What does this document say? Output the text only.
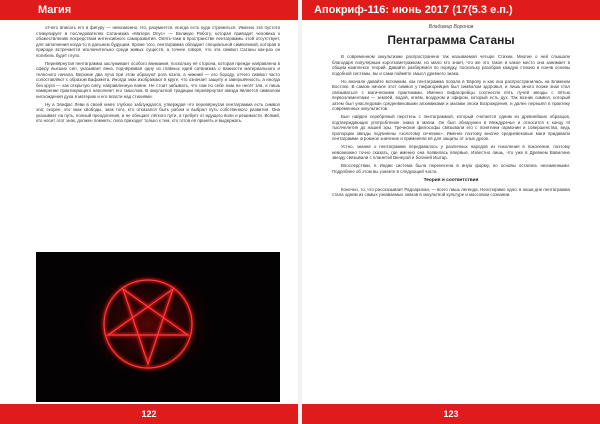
Магия	Апокриф-116: июнь 2017 (17(5.3 е.п.)

отчего вписать его в фигуру — невозможно. Но, разумеется, всегда есть куда стремиться. Именно эта пустота стимулирует в последователях Сатанизма «Матери Опус» — Великую Работу, которая приводит человека к обожествлению посредством интенсивного саморазвития. Опять-таки в пространстве пентаграммы этой отсутствует, для заполнения когда-то в дальнем будущем. Кроме того, пентаграмма обладает специальной символикой, которая в природе встречается исключительно среди живых существ, а точнее говоря, что эта символ Сатаны как-раз он погибель будет глупо.

Перевёрнутая пентаграмма заслуживает особого внимания, поскольку её сторона, которая прежде направлена в сферу высших сил, указывает вниз, подчёркивая одну из главных идей сатанизма о важности материального и телесного начала. Верхние два луча при этом образуют рога козла, а нижний — его бороду, отчего символ часто сопоставляют с образом Бафомета. Иногда знак изображают в круге, что означает защиту и завершённость, а иногда без круга — как открытую силу, направленную вовне. Не стоит забывать, что сам по себе знак не несёт зла, и лишь намерение практикующего наполняет его смыслом. В оккультной традиции перевёрнутая звезда является символом нисхождения духа в материю и его власти над стихиями.

Ну а Элифас Леви в своей книге глубоко заблуждался, утверждая что перевёрнутая пентаграмма есть символ зла; скорее, это знак свободы, знак того, кто отказался быть рабом и выбрал путь собственного развития. Она указывает на путь, полный преодоления, и не обещает лёгкого пути, а требует от идущего воли и решимости. Всякий, кто носит этот знак, должен помнить: сила приходит только к тем, кто готов её принять и выдержать.

Владимир Воронов
Пентаграмма Сатаны

В современном оккультизме распространена так называемая четыре Стихии. Многие о ней слышали благодаря популярным короткометражкам, но мало кто знает, что же это такое и какое место она занимает в общем комплексе теорий. Давайте разберёмся по порядку, поскольку разобрав каждую стихию и поняв основы подобной системы, вы и сами поймёте смысл древнего знака.

Но вначале давайте вспомним, как пентаграмма попала в Европу и как она распространилась на Ближнем Востоке. В самом начале этот символ у пифагорейцев был символом здоровья, и лишь много позже знак стал связываться с магическими практиками. Именно пифагорейцы соотнесли пять лучей звезды с пятью первоэлементами — землёй, водой, огнём, воздухом и эфиром, который есть дух. Так возник символ, который затем был унаследован средневековыми алхимиками и магами эпохи Возрождения, и далее перешёл в практику современных оккультистов.

Был найден серебряный перстень с пентаграммой, который считается одним из древнейших образцов, подтверждающих употребление знака в магии. Он был обнаружен в Междуречье и относится к концу III тысячелетия до нашей эры. Греческие философы связывали его с понятием гармонии и совершенства, ведь пропорции звезды подчинены «золотому сечению». Именно поэтому многие средневековые маги придавали пентаграмме огромное значение и применяли её для защиты от злых духов.

Устно, знание о пентаграмме передавалось у различных народов из поколения в поколение, поэтому невозможно точно сказать, где именно она появилась впервые. Известно лишь, что уже в Древнем Вавилоне звезду связывали с планетой Венерой и богиней Иштар.

Впоследствии, в Индии система была перенесена в иную форму, но основы остались неизменными. Подробнее об этом вы узнаете в следующей части.

Теория и соответствия

Конечно, то, что рассказывает Радоарнхан, — всего лишь легенда. Неоспоримо одно: в наши дни пентаграмма стала одним из самых узнаваемых знаков в оккультной культуре и массовом сознании.

122	123
